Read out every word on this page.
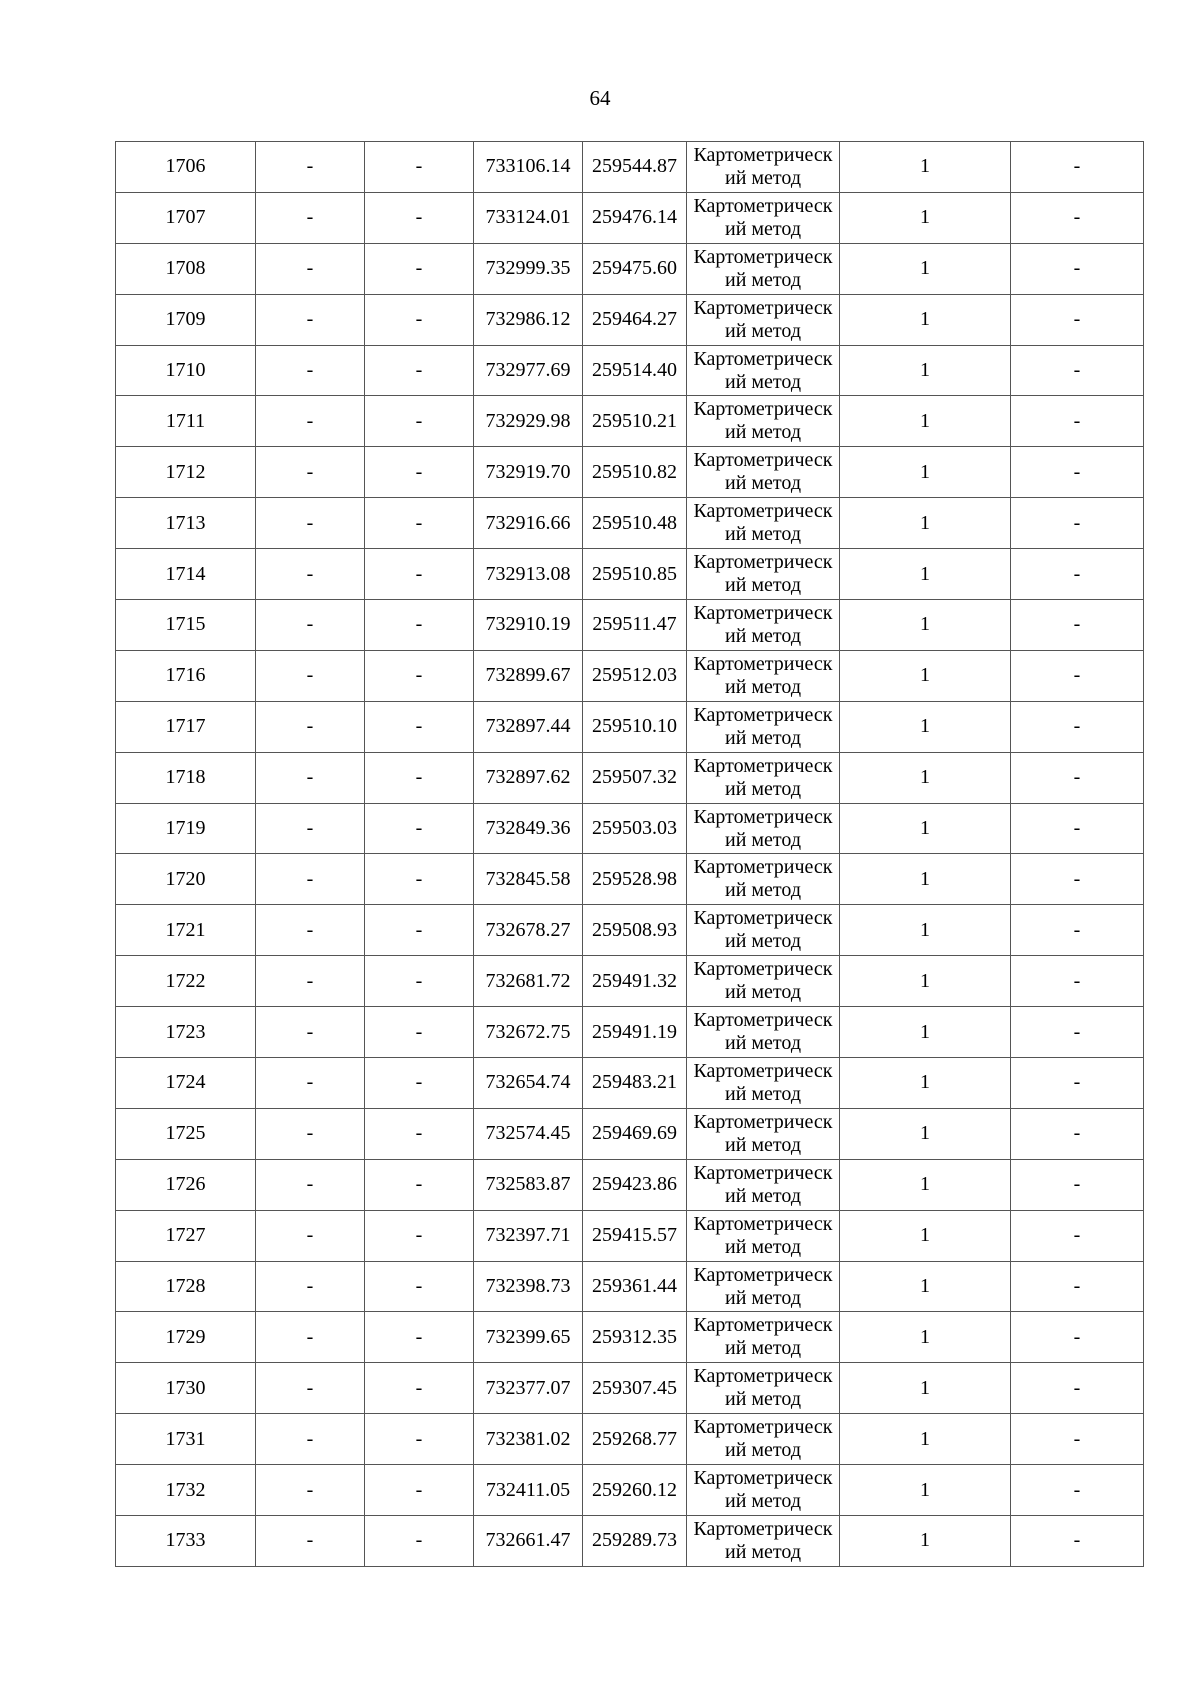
64
1706	-	-	733106.14	259544.87	Картометрический метод	1	-
1707	-	-	733124.01	259476.14	Картометрический метод	1	-
1708	-	-	732999.35	259475.60	Картометрический метод	1	-
1709	-	-	732986.12	259464.27	Картометрический метод	1	-
1710	-	-	732977.69	259514.40	Картометрический метод	1	-
1711	-	-	732929.98	259510.21	Картометрический метод	1	-
1712	-	-	732919.70	259510.82	Картометрический метод	1	-
1713	-	-	732916.66	259510.48	Картометрический метод	1	-
1714	-	-	732913.08	259510.85	Картометрический метод	1	-
1715	-	-	732910.19	259511.47	Картометрический метод	1	-
1716	-	-	732899.67	259512.03	Картометрический метод	1	-
1717	-	-	732897.44	259510.10	Картометрический метод	1	-
1718	-	-	732897.62	259507.32	Картометрический метод	1	-
1719	-	-	732849.36	259503.03	Картометрический метод	1	-
1720	-	-	732845.58	259528.98	Картометрический метод	1	-
1721	-	-	732678.27	259508.93	Картометрический метод	1	-
1722	-	-	732681.72	259491.32	Картометрический метод	1	-
1723	-	-	732672.75	259491.19	Картометрический метод	1	-
1724	-	-	732654.74	259483.21	Картометрический метод	1	-
1725	-	-	732574.45	259469.69	Картометрический метод	1	-
1726	-	-	732583.87	259423.86	Картометрический метод	1	-
1727	-	-	732397.71	259415.57	Картометрический метод	1	-
1728	-	-	732398.73	259361.44	Картометрический метод	1	-
1729	-	-	732399.65	259312.35	Картометрический метод	1	-
1730	-	-	732377.07	259307.45	Картометрический метод	1	-
1731	-	-	732381.02	259268.77	Картометрический метод	1	-
1732	-	-	732411.05	259260.12	Картометрический метод	1	-
1733	-	-	732661.47	259289.73	Картометрический метод	1	-
